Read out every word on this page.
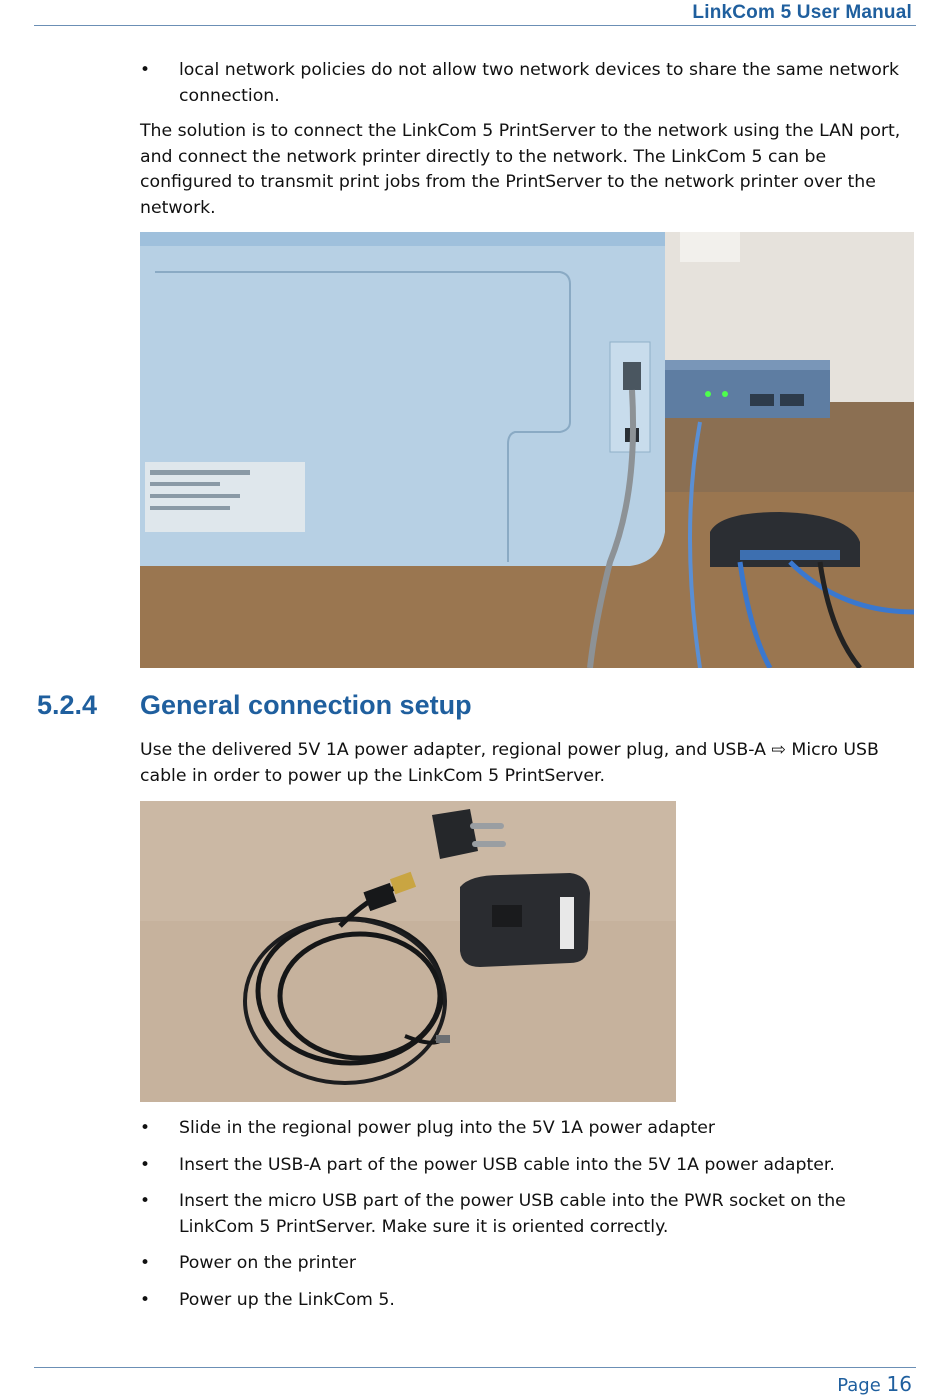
LinkCom 5 User Manual
• local network policies do not allow two network devices to share the same network connection.

The solution is to connect the LinkCom 5 PrintServer to the network using the LAN port, and connect the network printer directly to the network. The LinkCom 5 can be configured to transmit print jobs from the PrintServer to the network printer over the network.

5.2.4 General connection setup

Use the delivered 5V 1A power adapter, regional power plug, and USB-A ⇨ Micro USB cable in order to power up the LinkCom 5 PrintServer.

• Slide in the regional power plug into the 5V 1A power adapter
• Insert the USB-A part of the power USB cable into the 5V 1A power adapter.
• Insert the micro USB part of the power USB cable into the PWR socket on the LinkCom 5 PrintServer. Make sure it is oriented correctly.
• Power on the printer
• Power up the LinkCom 5.
Page 16
